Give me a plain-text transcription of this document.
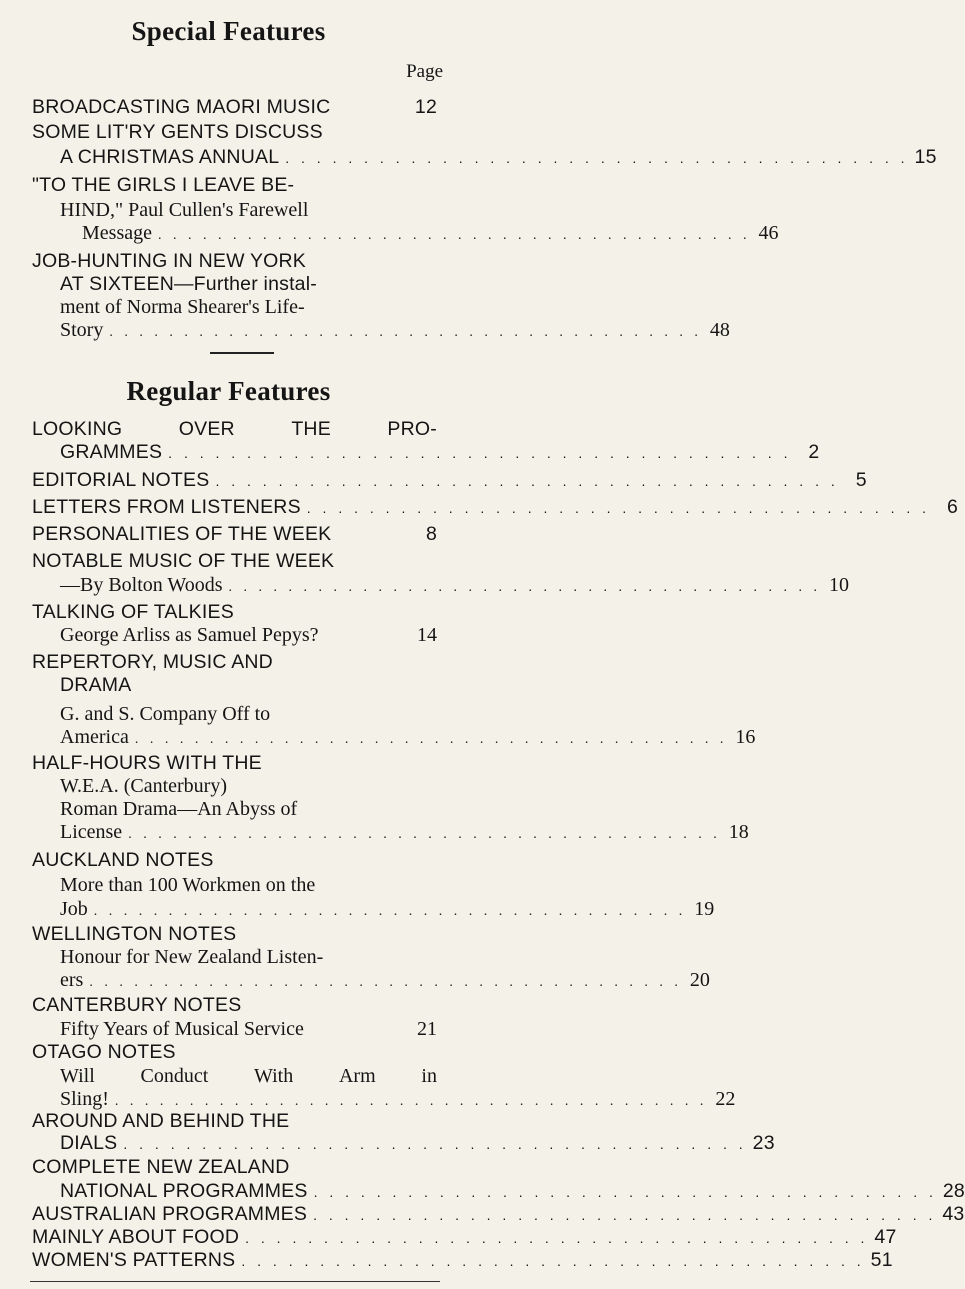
Special Features
Page
BROADCASTING MAORI MUSIC	12
SOME LIT'RY GENTS DISCUSS
A CHRISTMAS ANNUAL . . . . . . . . . . . . . . . . . . . . . . . . . . . . . . . . . . . . . . . . 15
"TO THE GIRLS I LEAVE BE-
HIND," Paul Cullen's Farewell
Message . . . . . . . . . . . . . . . . . . . . . . . . . . . . . . . . . . . . . . . . 46
JOB-HUNTING IN NEW YORK
AT SIXTEEN—Further instal-
ment of Norma Shearer's Life-
Story . . . . . . . . . . . . . . . . . . . . . . . . . . . . . . . . . . . . . . . . 48
Regular Features
LOOKING	OVER	THE	PRO-
GRAMMES . . . . . . . . . . . . . . . . . . . . . . . . . . . . . . . . . . . . . . . . 2
EDITORIAL NOTES . . . . . . . . . . . . . . . . . . . . . . . . . . . . . . . . . . . . . . . . 5
LETTERS FROM LISTENERS . . . . . . . . . . . . . . . . . . . . . . . . . . . . . . . . . . . . . . . . 6
PERSONALITIES OF THE WEEK	8
NOTABLE MUSIC OF THE WEEK
—By Bolton Woods . . . . . . . . . . . . . . . . . . . . . . . . . . . . . . . . . . . . . . . . 10
TALKING OF TALKIES
George Arliss as Samuel Pepys?	14
REPERTORY, MUSIC AND
DRAMA
G. and S. Company Off to
America . . . . . . . . . . . . . . . . . . . . . . . . . . . . . . . . . . . . . . . . 16
HALF-HOURS WITH THE
W.E.A. (Canterbury)
Roman Drama—An Abyss of
License . . . . . . . . . . . . . . . . . . . . . . . . . . . . . . . . . . . . . . . . 18
AUCKLAND NOTES
More than 100 Workmen on the
Job . . . . . . . . . . . . . . . . . . . . . . . . . . . . . . . . . . . . . . . . 19
WELLINGTON NOTES
Honour for New Zealand Listen-
ers . . . . . . . . . . . . . . . . . . . . . . . . . . . . . . . . . . . . . . . . 20
CANTERBURY NOTES
Fifty Years of Musical Service	21
OTAGO NOTES
Will Conduct With Arm in
Sling! . . . . . . . . . . . . . . . . . . . . . . . . . . . . . . . . . . . . . . . . 22
AROUND AND BEHIND THE
DIALS . . . . . . . . . . . . . . . . . . . . . . . . . . . . . . . . . . . . . . . . 23
COMPLETE NEW ZEALAND
NATIONAL PROGRAMMES . . . . . . . . . . . . . . . . . . . . . . . . . . . . . . . . . . . . . . . . 28
AUSTRALIAN PROGRAMMES . . . . . . . . . . . . . . . . . . . . . . . . . . . . . . . . . . . . . . . . 43
MAINLY ABOUT FOOD . . . . . . . . . . . . . . . . . . . . . . . . . . . . . . . . . . . . . . . . 47
WOMEN'S PATTERNS . . . . . . . . . . . . . . . . . . . . . . . . . . . . . . . . . . . . . . . . 51
